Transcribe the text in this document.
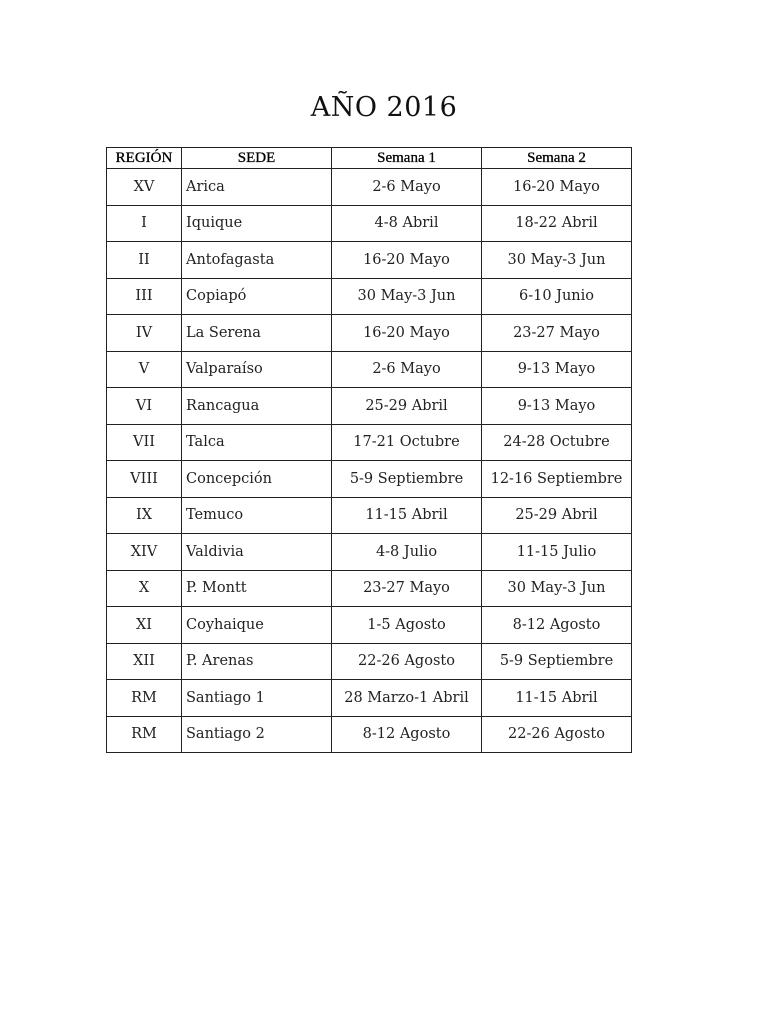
AÑO 2016
REGIÓN	SEDE	Semana 1	Semana 2
XV	Arica	2-6 Mayo	16-20 Mayo
I	Iquique	4-8 Abril	18-22 Abril
II	Antofagasta	16-20 Mayo	30 May-3 Jun
III	Copiapó	30 May-3 Jun	6-10 Junio
IV	La Serena	16-20 Mayo	23-27 Mayo
V	Valparaíso	2-6 Mayo	9-13 Mayo
VI	Rancagua	25-29 Abril	9-13 Mayo
VII	Talca	17-21 Octubre	24-28 Octubre
VIII	Concepción	5-9 Septiembre	12-16 Septiembre
IX	Temuco	11-15 Abril	25-29 Abril
XIV	Valdivia	4-8 Julio	11-15 Julio
X	P. Montt	23-27 Mayo	30 May-3 Jun
XI	Coyhaique	1-5 Agosto	8-12 Agosto
XII	P. Arenas	22-26 Agosto	5-9 Septiembre
RM	Santiago 1	28 Marzo-1 Abril	11-15 Abril
RM	Santiago 2	8-12 Agosto	22-26 Agosto
